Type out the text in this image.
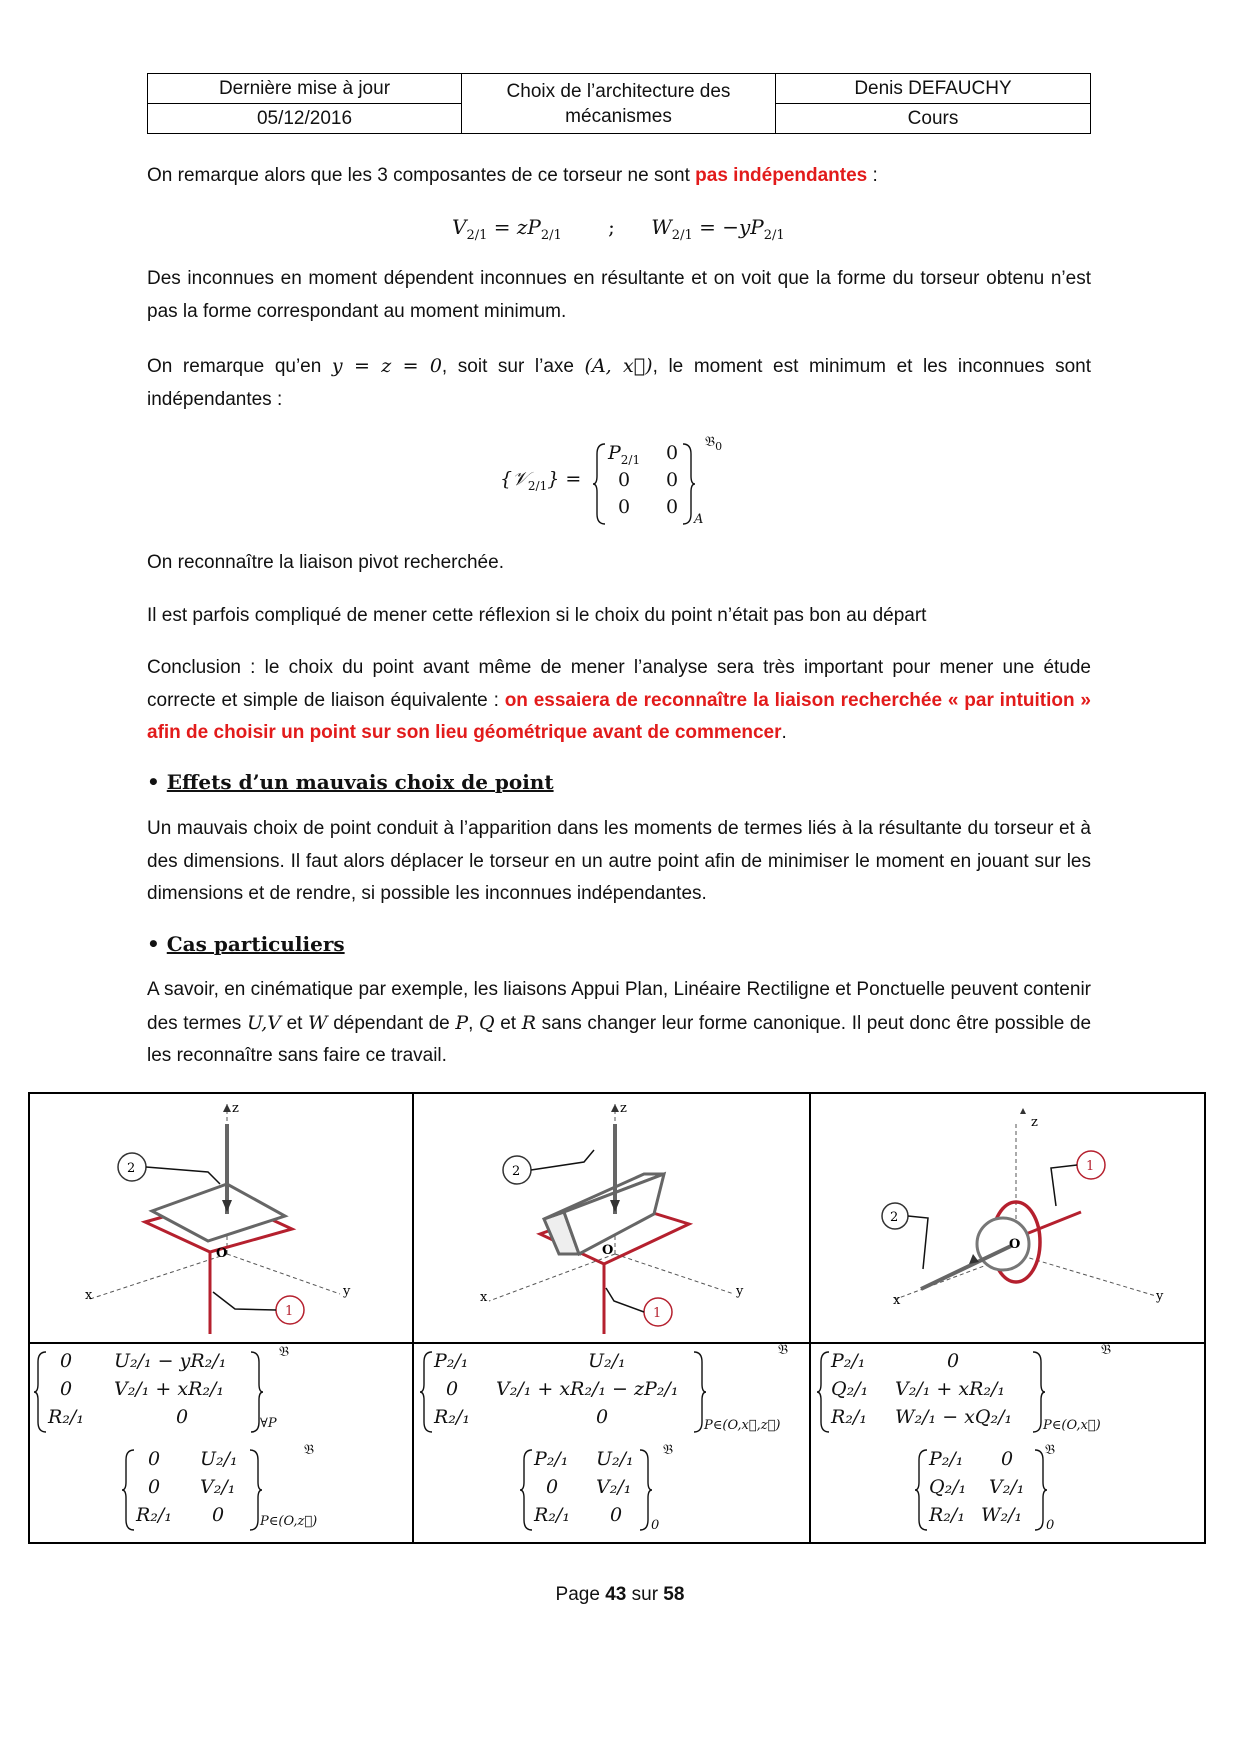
Dernière mise à jour	Choix de l’architecture des mécanismes	Denis DEFAUCHY
05/12/2016		Cours

On remarque alors que les 3 composantes de ce torseur ne sont pas indépendantes :

$V_{2/1} = zP_{2/1}$ ; $W_{2/1} = -yP_{2/1}$

Des inconnues en moment dépendent inconnues en résultante et on voit que la forme du torseur obtenu n’est pas la forme correspondant au moment minimum.

On remarque qu’en y = z = 0, soit sur l’axe (A, x⃗), le moment est minimum et les inconnues sont indépendantes :

{𝒱$_{2/1}$} =
$P_{2/1}$ 0
0 0
0 0
𝔅$_0$
A

On reconnaître la liaison pivot recherchée.

Il est parfois compliqué de mener cette réflexion si le choix du point n’était pas bon au départ

Conclusion : le choix du point avant même de mener l’analyse sera très important pour mener une étude correcte et simple de liaison équivalente : on essaiera de reconnaître la liaison recherchée « par intuition » afin de choisir un point sur son lieu géométrique avant de commencer.

• Effets d’un mauvais choix de point

Un mauvais choix de point conduit à l’apparition dans les moments de termes liés à la résultante du torseur et à des dimensions. Il faut alors déplacer le torseur en un autre point afin de minimiser le moment en jouant sur les dimensions et de rendre, si possible les inconnues indépendantes.

• Cas particuliers

A savoir, en cinématique par exemple, les liaisons Appui Plan, Linéaire Rectiligne et Ponctuelle peuvent contenir des termes U,V et W dépendant de P, Q et R sans changer leur forme canonique. Il peut donc être possible de les reconnaître sans faire ce travail.

z
x	y
O
2
1
z
x	y
O
2
1
z
x	y
O
2
1
0 U₂/₁ − yR₂/₁
0 V₂/₁ + xR₂/₁
R₂/₁	0
𝔅
∀P
0 U₂/₁
0 V₂/₁
R₂/₁ 0
𝔅
P∈(O,z⃗)
P₂/₁	U₂/₁
0 V₂/₁ + xR₂/₁ − zP₂/₁
R₂/₁	0
𝔅
P∈(O,x⃗,z⃗)
P₂/₁ U₂/₁
0 V₂/₁
R₂/₁ 0
𝔅
0
P₂/₁	0
Q₂/₁ V₂/₁ + xR₂/₁
R₂/₁ W₂/₁ − xQ₂/₁
𝔅
P∈(O,x⃗)
P₂/₁ 0
Q₂/₁ V₂/₁
R₂/₁ W₂/₁
𝔅
0
Page 43 sur 58
